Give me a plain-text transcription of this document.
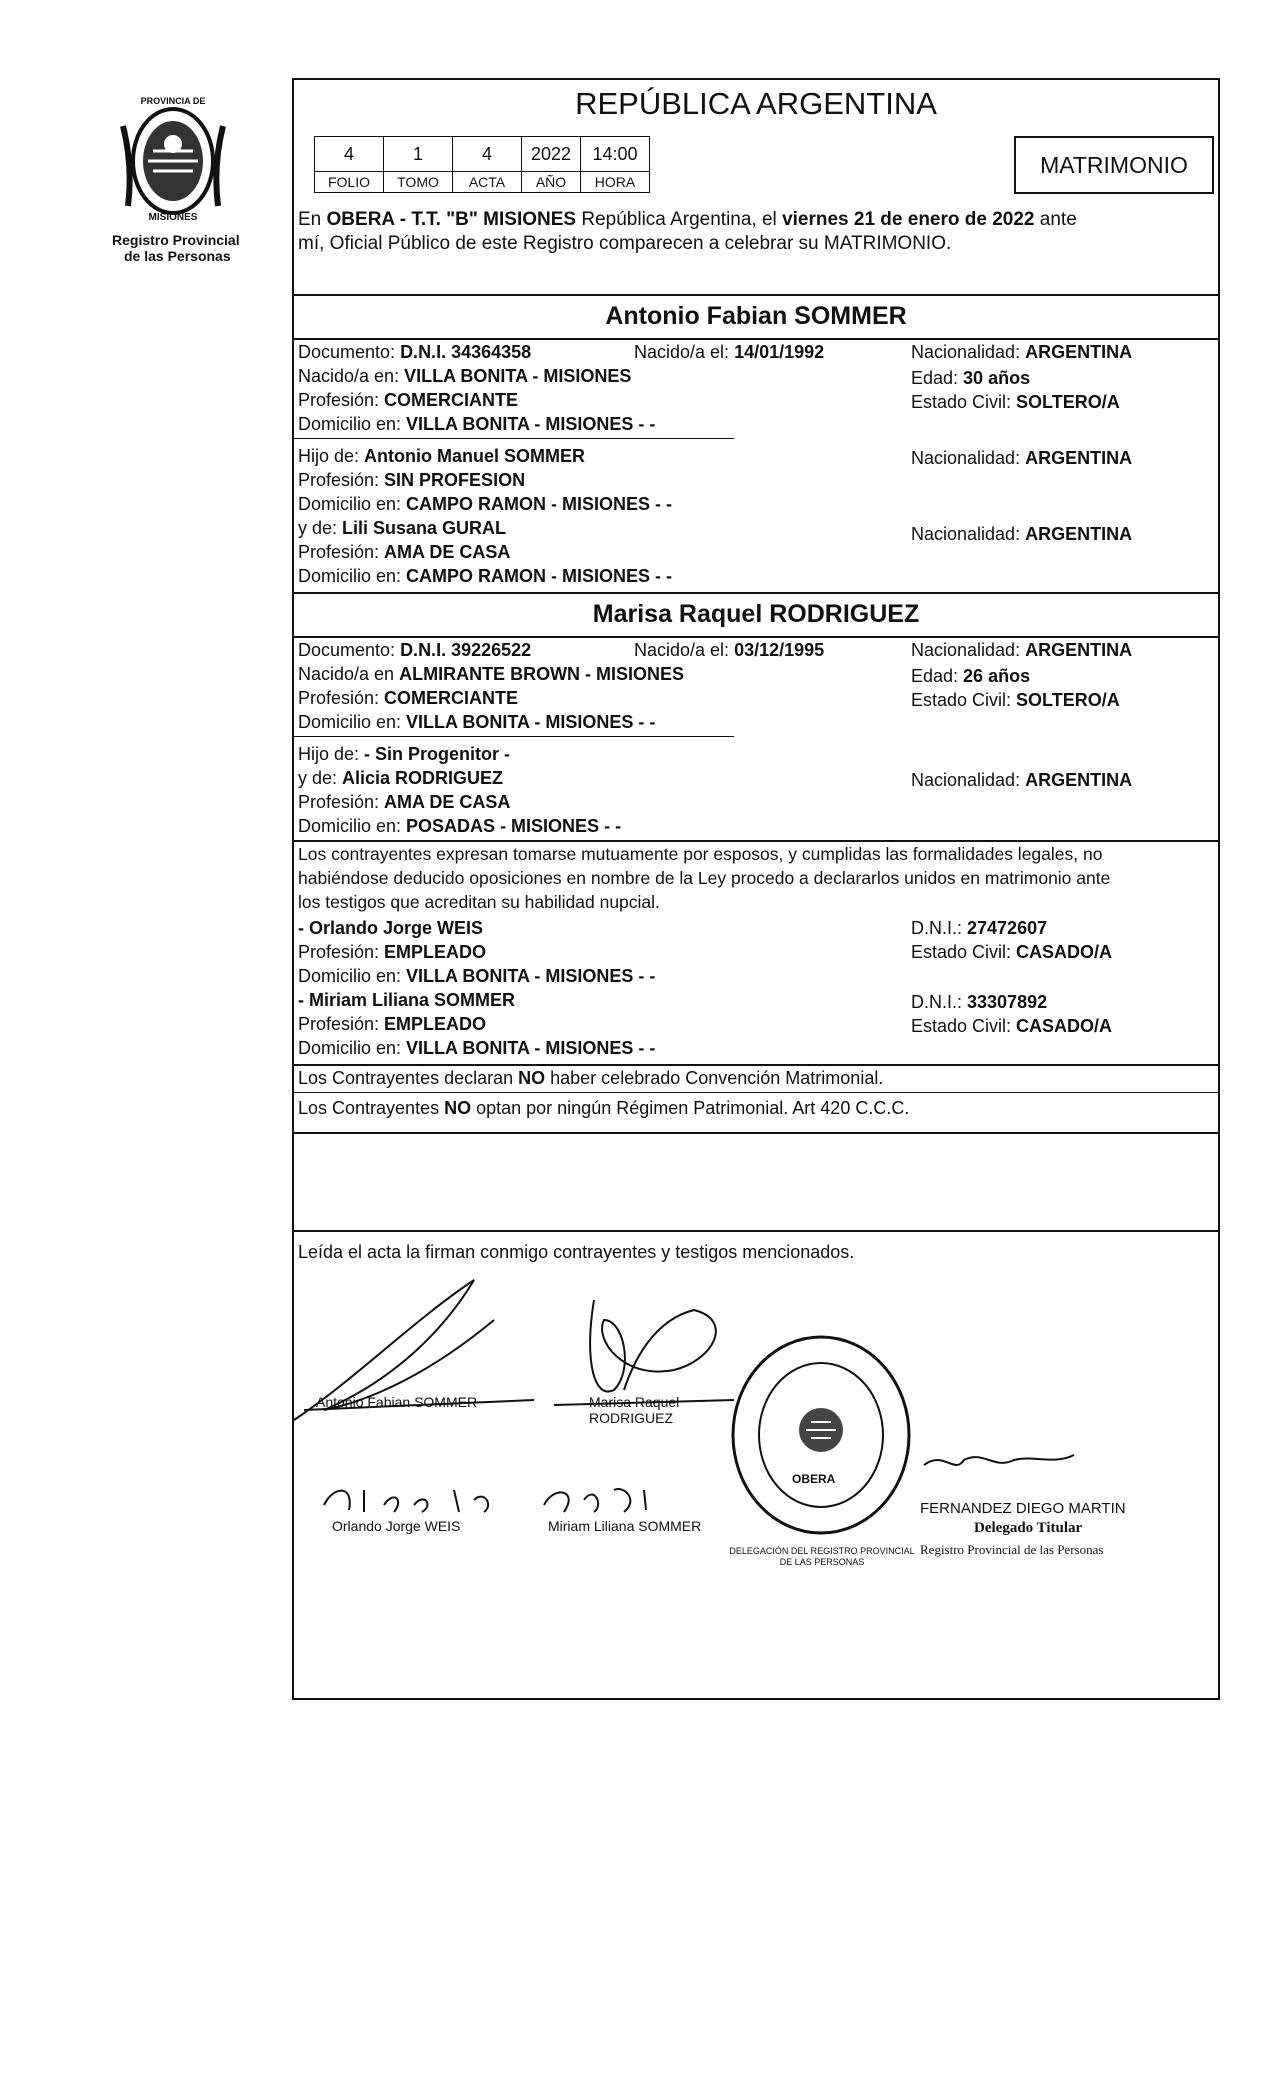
PROVINCIA DE
MISIONES
Registro Provincial
de las Personas
REPÚBLICA ARGENTINA
4	1	4	2022	14:00
FOLIO	TOMO	ACTA	AÑO	HORA
MATRIMONIO
En OBERA - T.T. "B" MISIONES República Argentina, el viernes 21 de enero de 2022 ante
mí, Oficial Público de este Registro comparecen a celebrar su MATRIMONIO.
Antonio Fabian SOMMER
Documento: D.N.I. 34364358	Nacido/a el: 14/01/1992	Nacionalidad: ARGENTINA
Nacido/a en: VILLA BONITA - MISIONES	Edad: 30 años
Profesión: COMERCIANTE	Estado Civil: SOLTERO/A
Domicilio en: VILLA BONITA - MISIONES - -
Hijo de: Antonio Manuel SOMMER	Nacionalidad: ARGENTINA
Profesión: SIN PROFESION
Domicilio en: CAMPO RAMON - MISIONES - -
y de: Lili Susana GURAL	Nacionalidad: ARGENTINA
Profesión: AMA DE CASA
Domicilio en: CAMPO RAMON - MISIONES - -
Marisa Raquel RODRIGUEZ
Documento: D.N.I. 39226522	Nacido/a el: 03/12/1995	Nacionalidad: ARGENTINA
Nacido/a en ALMIRANTE BROWN - MISIONES	Edad: 26 años
Profesión: COMERCIANTE	Estado Civil: SOLTERO/A
Domicilio en: VILLA BONITA - MISIONES - -
Hijo de: - Sin Progenitor -
y de: Alicia RODRIGUEZ	Nacionalidad: ARGENTINA
Profesión: AMA DE CASA
Domicilio en: POSADAS - MISIONES - -
Los contrayentes expresan tomarse mutuamente por esposos, y cumplidas las formalidades legales, no
habiéndose deducido oposiciones en nombre de la Ley procedo a declararlos unidos en matrimonio ante
los testigos que acreditan su habilidad nupcial.
- Orlando Jorge WEIS	D.N.I.: 27472607
Profesión: EMPLEADO	Estado Civil: CASADO/A
Domicilio en: VILLA BONITA - MISIONES - -
- Miriam Liliana SOMMER	D.N.I.: 33307892
Profesión: EMPLEADO	Estado Civil: CASADO/A
Domicilio en: VILLA BONITA - MISIONES - -
Los Contrayentes declaran NO haber celebrado Convención Matrimonial.
Los Contrayentes NO optan por ningún Régimen Patrimonial. Art 420 C.C.C.
Leída el acta la firman conmigo contrayentes y testigos mencionados.
Antonio Fabian SOMMER	Marisa Raquel
RODRIGUEZ
Orlando Jorge WEIS	Miriam Liliana SOMMER
OBERA
DELEGACIÓN DEL REGISTRO PROVINCIAL DE LAS PERSONAS
FERNANDEZ DIEGO MARTIN
Delegado Titular
Registro Provincial de las Personas
